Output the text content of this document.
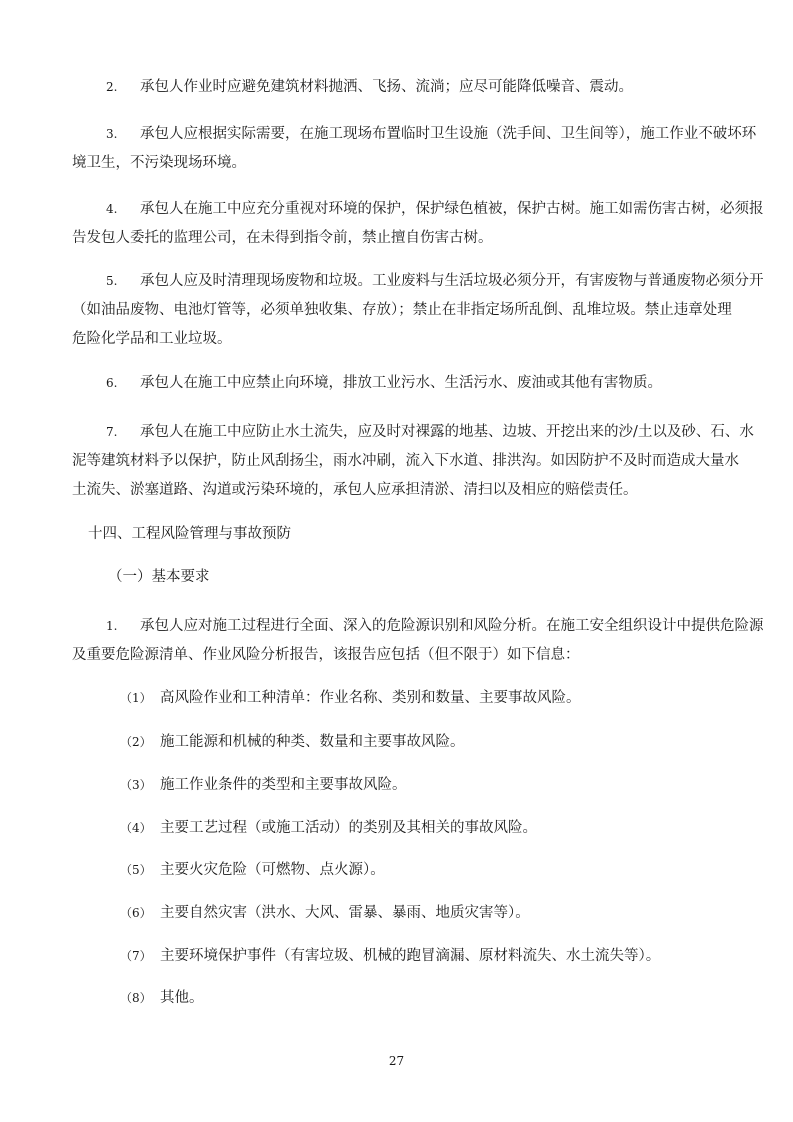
2. 承包人作业时应避免建筑材料抛洒、飞扬、流淌；应尽可能降低噪音、震动。
3. 承包人应根据实际需要，在施工现场布置临时卫生设施（洗手间、卫生间等），施工作业不破坏环
境卫生，不污染现场环境。
4. 承包人在施工中应充分重视对环境的保护，保护绿色植被，保护古树。施工如需伤害古树，必须报
告发包人委托的监理公司，在未得到指令前，禁止擅自伤害古树。
5. 承包人应及时清理现场废物和垃圾。工业废料与生活垃圾必须分开，有害废物与普通废物必须分开
（如油品废物、电池灯管等，必须单独收集、存放）；禁止在非指定场所乱倒、乱堆垃圾。禁止违章处理
危险化学品和工业垃圾。
6. 承包人在施工中应禁止向环境，排放工业污水、生活污水、废油或其他有害物质。
7. 承包人在施工中应防止水土流失，应及时对裸露的地基、边坡、开挖出来的沙/土以及砂、石、水
泥等建筑材料予以保护，防止风刮扬尘，雨水冲刷，流入下水道、排洪沟。如因防护不及时而造成大量水
土流失、淤塞道路、沟道或污染环境的，承包人应承担清淤、清扫以及相应的赔偿责任。
十四、工程风险管理与事故预防
（一）基本要求
1. 承包人应对施工过程进行全面、深入的危险源识别和风险分析。在施工安全组织设计中提供危险源
及重要危险源清单、作业风险分析报告，该报告应包括（但不限于）如下信息：
（1） 高风险作业和工种清单：作业名称、类别和数量、主要事故风险。
（2） 施工能源和机械的种类、数量和主要事故风险。
（3） 施工作业条件的类型和主要事故风险。
（4） 主要工艺过程（或施工活动）的类别及其相关的事故风险。
（5） 主要火灾危险（可燃物、点火源）。
（6） 主要自然灾害（洪水、大风、雷暴、暴雨、地质灾害等）。
（7） 主要环境保护事件（有害垃圾、机械的跑冒滴漏、原材料流失、水土流失等）。
（8） 其他。
27
